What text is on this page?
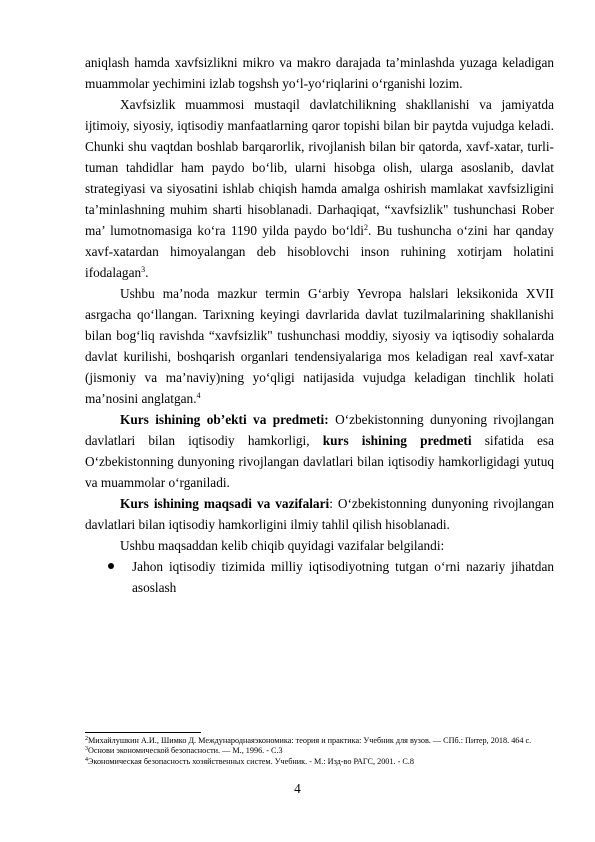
aniqlash hamda xavfsizlikni mikro va makro darajada ta’minlashda yuzaga keladigan muammolar yechimini izlab togshsh yo‘l-yo‘riqlarini o‘rganishi lozim.

Xavfsizlik muammosi mustaqil davlatchilikning shakllanishi va jamiyatda ijtimoiy, siyosiy, iqtisodiy manfaatlarning qaror topishi bilan bir paytda vujudga keladi. Chunki shu vaqtdan boshlab barqarorlik, rivojlanish bilan bir qatorda, xavf-xatar, turli-tuman tahdidlar ham paydo bo‘lib, ularni hisobga olish, ularga asoslanib, davlat strategiyasi va siyosatini ishlab chiqish hamda amalga oshirish mamlakat xavfsizligini ta’minlashning muhim sharti hisoblanadi. Darhaqiqat, “xavfsizlik" tushunchasi Rober ma’ lumotnomasiga ko‘ra 1190 yilda paydo bo‘ldi$^2$. Bu tushuncha o‘zini har qanday xavf-xatardan himoyalangan deb hisoblovchi inson ruhining xotirjam holatini ifodalagan$^3$.

Ushbu ma’noda mazkur termin G‘arbiy Yevropa halslari leksikonida XVII asrgacha qo‘llangan. Tarixning keyingi davrlarida davlat tuzilmalarining shakllanishi bilan bog‘liq ravishda “xavfsizlik" tushunchasi moddiy, siyosiy va iqtisodiy sohalarda davlat kurilishi, boshqarish organlari tendensiyalariga mos keladigan real xavf-xatar (jismoniy va ma’naviy)ning yo‘qligi natijasida vujudga keladigan tinchlik holati ma’nosini anglatgan.$^4$

Kurs ishining ob’ekti va predmeti: O‘zbekistonning dunyoning rivojlangan davlatlari bilan iqtisodiy hamkorligi, kurs ishining predmeti sifatida esa O‘zbekistonning dunyoning rivojlangan davlatlari bilan iqtisodiy hamkorligidagi yutuq va muammolar o‘rganiladi.

Kurs ishining maqsadi va vazifalari: O‘zbekistonning dunyoning rivojlangan davlatlari bilan iqtisodiy hamkorligini ilmiy tahlil qilish hisoblanadi.

Ushbu maqsaddan kelib chiqib quyidagi vazifalar belgilandi:

Jahon iqtisodiy tizimida milliy iqtisodiyotning tutgan o‘rni nazariy jihatdan asoslash

$^2$Михайлушкин А.И., Шимко Д. Международнаяэкономика: теория и практика: Учебник для вузов. — СПб.: Питер, 2018. 464 с.

$^3$Основи экономической безопасности. — М., 1996. - С.3

$^4$Экономическая безопасность хозяйственных систем. Учебник. - М.: Изд-во РАГС, 2001. - С.8

4
